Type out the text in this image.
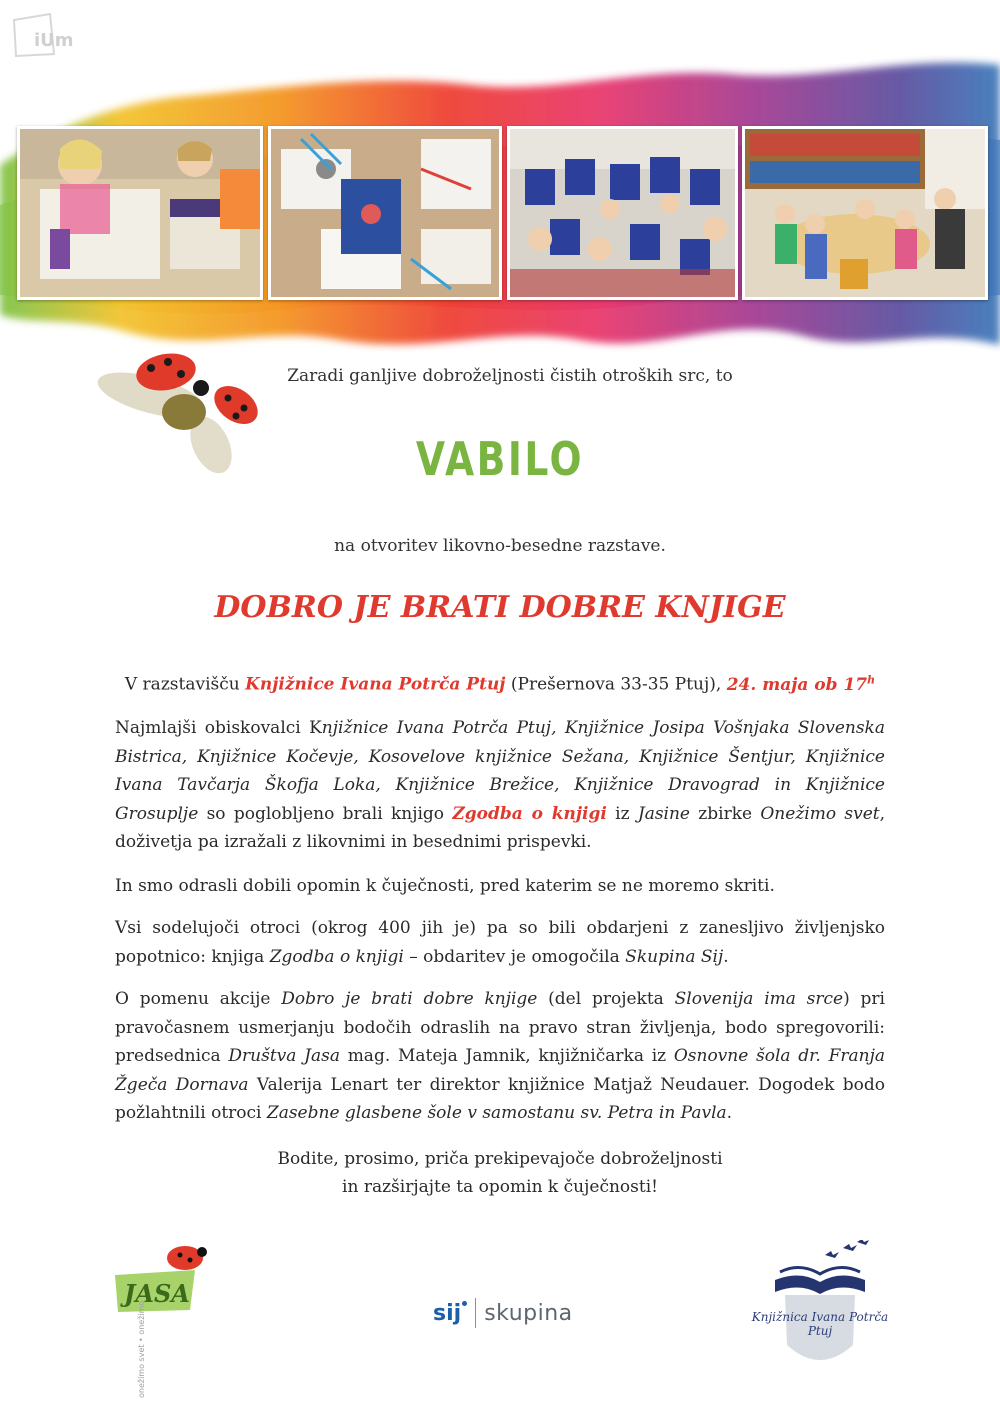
iUm
Zaradi ganljive dobroželjnosti čistih otroških src, to
VABILO
na otvoritev likovno-besedne razstave.
DOBRO JE BRATI DOBRE KNJIGE
V razstavišču Knjižnice Ivana Potrča Ptuj (Prešernova 33-35 Ptuj), 24. maja ob 17$^h$
Najmlajši obiskovalci Knjižnice Ivana Potrča Ptuj, Knjižnice Josipa Vošnjaka Slovenska Bistrica, Knjižnice Kočevje, Kosovelove knjižnice Sežana, Knjižnice Šentjur, Knjižnice Ivana Tavčarja Škofja Loka, Knjižnice Brežice, Knjižnice Dravograd in Knjižnice Grosuplje so poglobljeno brali knjigo Zgodba o knjigi iz Jasine zbirke Onežimo svet, doživetja pa izražali z likovnimi in besednimi prispevki.
In smo odrasli dobili opomin k čuječnosti, pred katerim se ne moremo skriti.
Vsi sodelujoči otroci (okrog 400 jih je) pa so bili obdarjeni z zanesljivo življenjsko popotnico: knjiga Zgodba o knjigi – obdaritev je omogočila Skupina Sij.
O pomenu akcije Dobro je brati dobre knjige (del projekta Slovenija ima srce) pri pravočasnem usmerjanju bodočih odraslih na pravo stran življenja, bodo spregovorili: predsednica Društva Jasa mag. Mateja Jamnik, knjižničarka iz Osnovne šola dr. Franja Žgeča Dornava Valerija Lenart ter direktor knjižnice Matjaž Neudauer. Dogodek bodo požlahtnili otroci Zasebne glasbene šole v samostanu sv. Petra in Pavla.
Bodite, prosimo, priča prekipevajoče dobroželjnosti
in razširjajte ta opomin k čuječnosti!
JASA
onežimo svet • onežimo	sij skupina	Knjižnica Ivana Potrča
Ptuj
